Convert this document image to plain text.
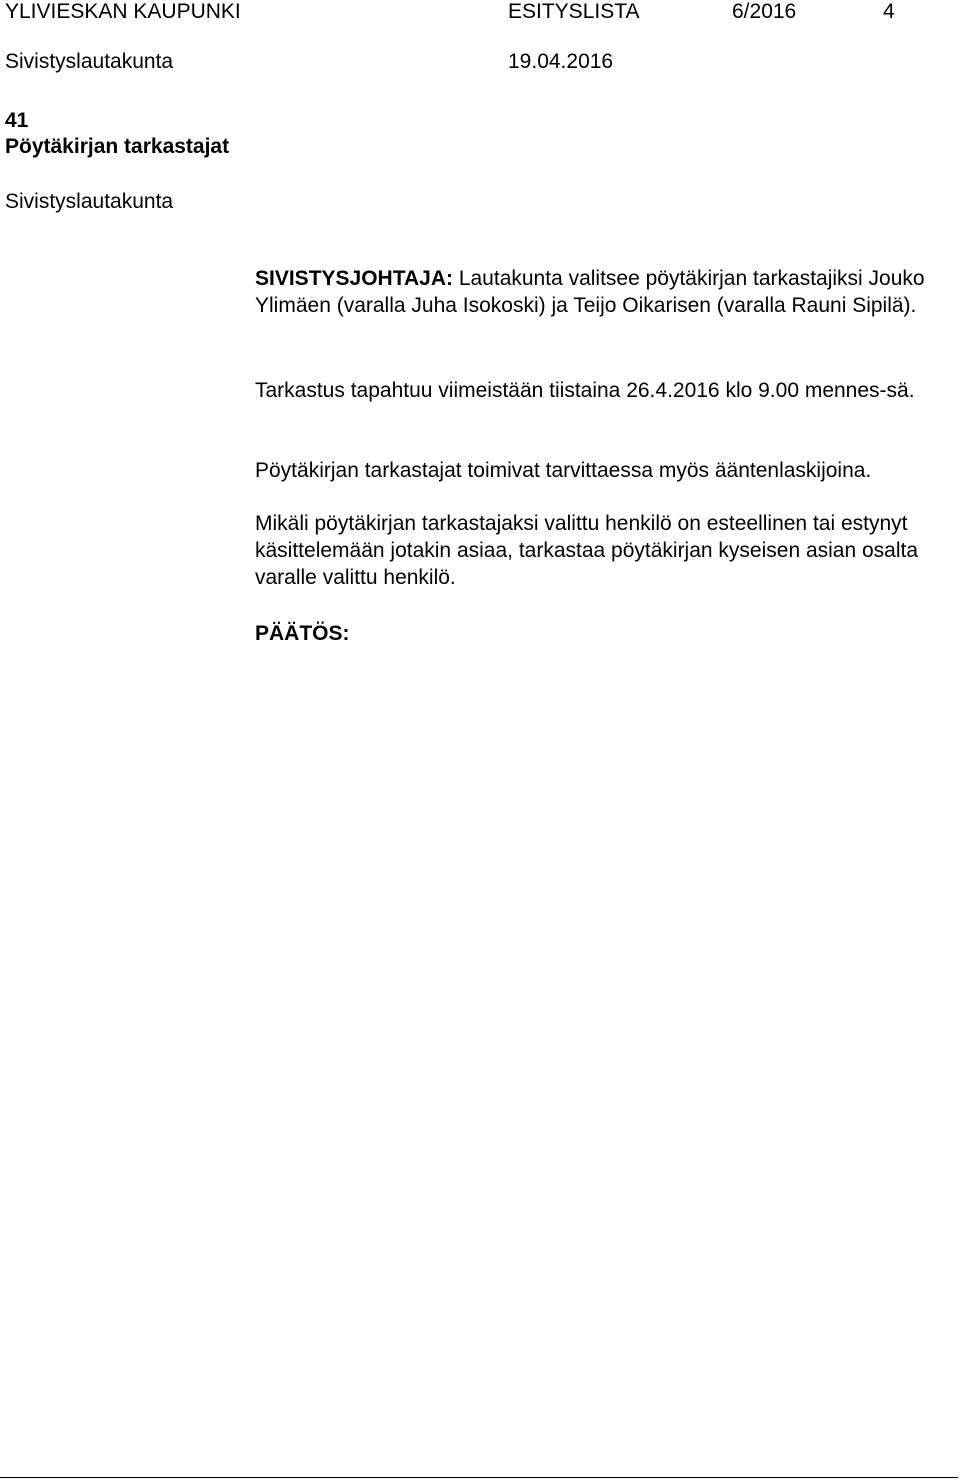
YLIVIESKAN KAUPUNKI	ESITYSLISTA	6/2016	4
Sivistyslautakunta	19.04.2016
41
Pöytäkirjan tarkastajat
Sivistyslautakunta
SIVISTYSJOHTAJA: Lautakunta valitsee pöytäkirjan tarkastajiksi Jouko Ylimäen (varalla Juha Isokoski) ja Teijo Oikarisen (varalla Rauni Sipilä).
Tarkastus tapahtuu viimeistään tiistaina 26.4.2016 klo 9.00 mennes-sä.
Pöytäkirjan tarkastajat toimivat tarvittaessa myös ääntenlaskijoina.
Mikäli pöytäkirjan tarkastajaksi valittu henkilö on esteellinen tai estynyt käsittelemään jotakin asiaa, tarkastaa pöytäkirjan kyseisen asian osalta varalle valittu henkilö.
PÄÄTÖS:
